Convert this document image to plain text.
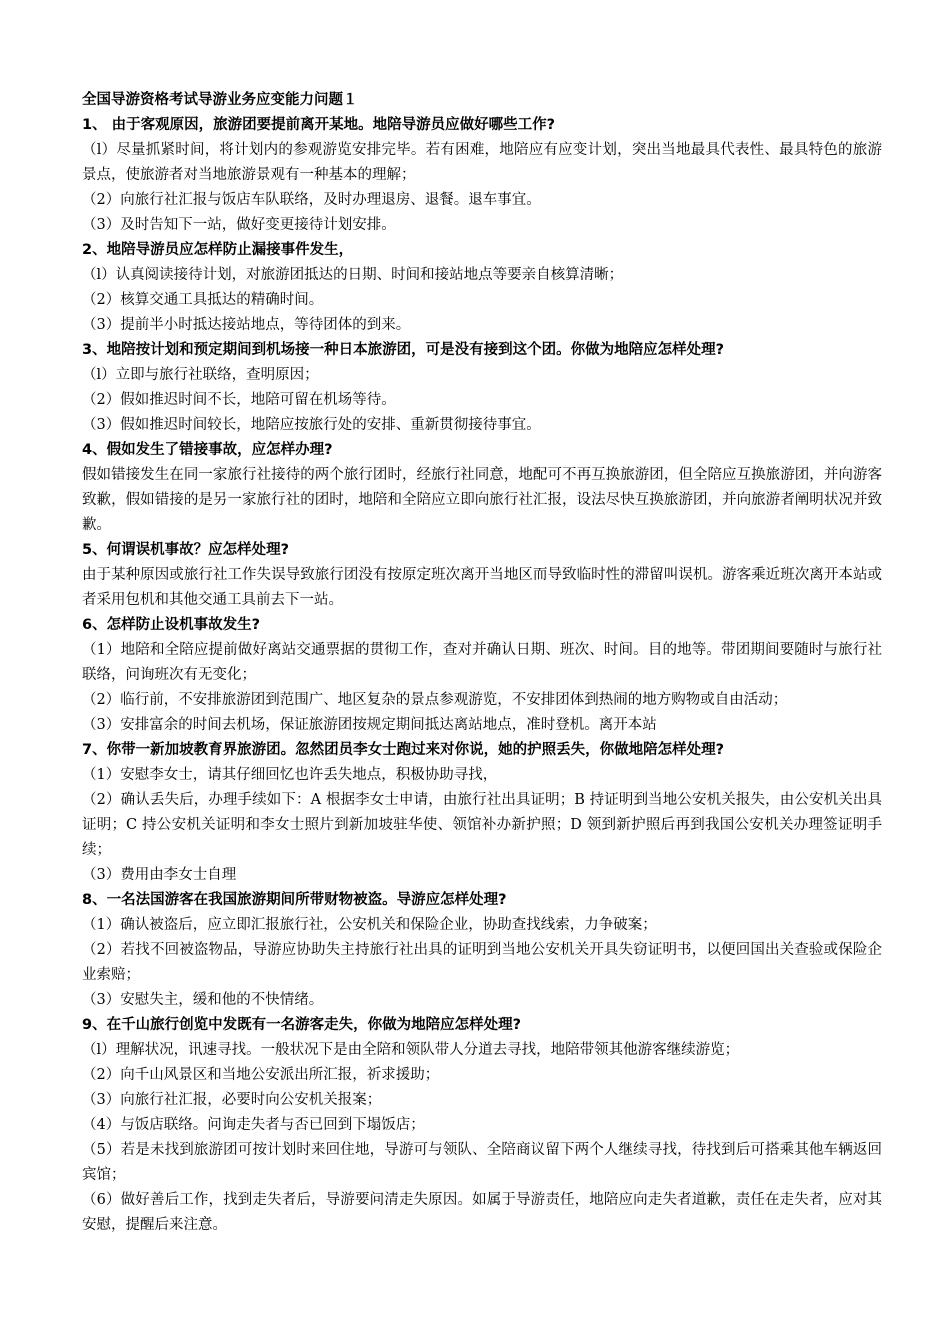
全国导游资格考试导游业务应变能力问题１
1、 由于客观原因，旅游团要提前离开某地。地陪导游员应做好哪些工作?
（l）尽量抓紧时间，将计划内的参观游览安排完毕。若有困难，地陪应有应变计划，突出当地最具代表性、最具特色的旅游景点，使旅游者对当地旅游景观有一种基本的理解；
（2）向旅行社汇报与饭店车队联络，及时办理退房、退餐。退车事宜。
（3）及时告知下一站，做好变更接待计划安排。
2、地陪导游员应怎样防止漏接事件发生，
（l）认真阅读接待计划，对旅游团抵达的日期、时间和接站地点等要亲自核算清晰；
（2）核算交通工具抵达的精确时间。
（3）提前半小时抵达接站地点，等待团体的到来。
3、地陪按计划和预定期间到机场接一种日本旅游团，可是没有接到这个团。你做为地陪应怎样处理?
（l）立即与旅行社联络，查明原因；
（2）假如推迟时间不长，地陪可留在机场等待。
（3）假如推迟时间较长，地陪应按旅行处的安排、重新贯彻接待事宜。
4、假如发生了错接事故，应怎样办理?
假如错接发生在同一家旅行社接待的两个旅行团时，经旅行社同意，地配可不再互换旅游团，但全陪应互换旅游团，并向游客致歉，假如错接的是另一家旅行社的团时，地陪和全陪应立即向旅行社汇报，设法尽快互换旅游团，并向旅游者阐明状况并致歉。
5、何谓误机事故？应怎样处理?
由于某种原因或旅行社工作失误导致旅行团没有按原定班次离开当地区而导致临时性的滞留叫误机。游客乘近班次离开本站或者采用包机和其他交通工具前去下一站。
6、怎样防止设机事故发生?
（1）地陪和全陪应提前做好离站交通票据的贯彻工作，查对并确认日期、班次、时间。目的地等。带团期间要随时与旅行社联络，问询班次有无变化；
（2）临行前，不安排旅游团到范围广、地区复杂的景点参观游览，不安排团体到热闹的地方购物或自由活动；
（3）安排富余的时间去机场，保证旅游团按规定期间抵达离站地点，准时登机。离开本站
7、你带一新加坡教育界旅游团。忽然团员李女士跑过来对你说，她的护照丢失，你做地陪怎样处理?
（1）安慰李女士，请其仔细回忆也许丢失地点，积极协助寻找，
（2）确认丢失后，办理手续如下：A 根据李女士申请，由旅行社出具证明；B 持证明到当地公安机关报失，由公安机关出具证明；C 持公安机关证明和李女士照片到新加坡驻华使、领馆补办新护照；D 领到新护照后再到我国公安机关办理签证明手续；
（3）费用由李女士自理
8、一名法国游客在我国旅游期间所带财物被盗。导游应怎样处理?
（1）确认被盗后，应立即汇报旅行社，公安机关和保险企业，协助查找线索，力争破案；
（2）若找不回被盗物品，导游应协助失主持旅行社出具的证明到当地公安机关开具失窃证明书，以便回国出关查验或保险企业索赔；
（3）安慰失主，缓和他的不快情绪。
9、在千山旅行创览中发既有一名游客走失，你做为地陪应怎样处理?
（l）理解状况，讯速寻找。一般状况下是由全陪和领队带人分道去寻找，地陪带领其他游客继续游览；
（2）向千山风景区和当地公安派出所汇报，祈求援助；
（3）向旅行社汇报，必要时向公安机关报案；
（4）与饭店联络。问询走失者与否已回到下塌饭店；
（5）若是未找到旅游团可按计划时来回住地，导游可与领队、全陪商议留下两个人继续寻找，待找到后可搭乘其他车辆返回宾馆；
（6）做好善后工作，找到走失者后，导游要问清走失原因。如属于导游责任，地陪应向走失者道歉，责任在走失者，应对其安慰，提醒后来注意。
